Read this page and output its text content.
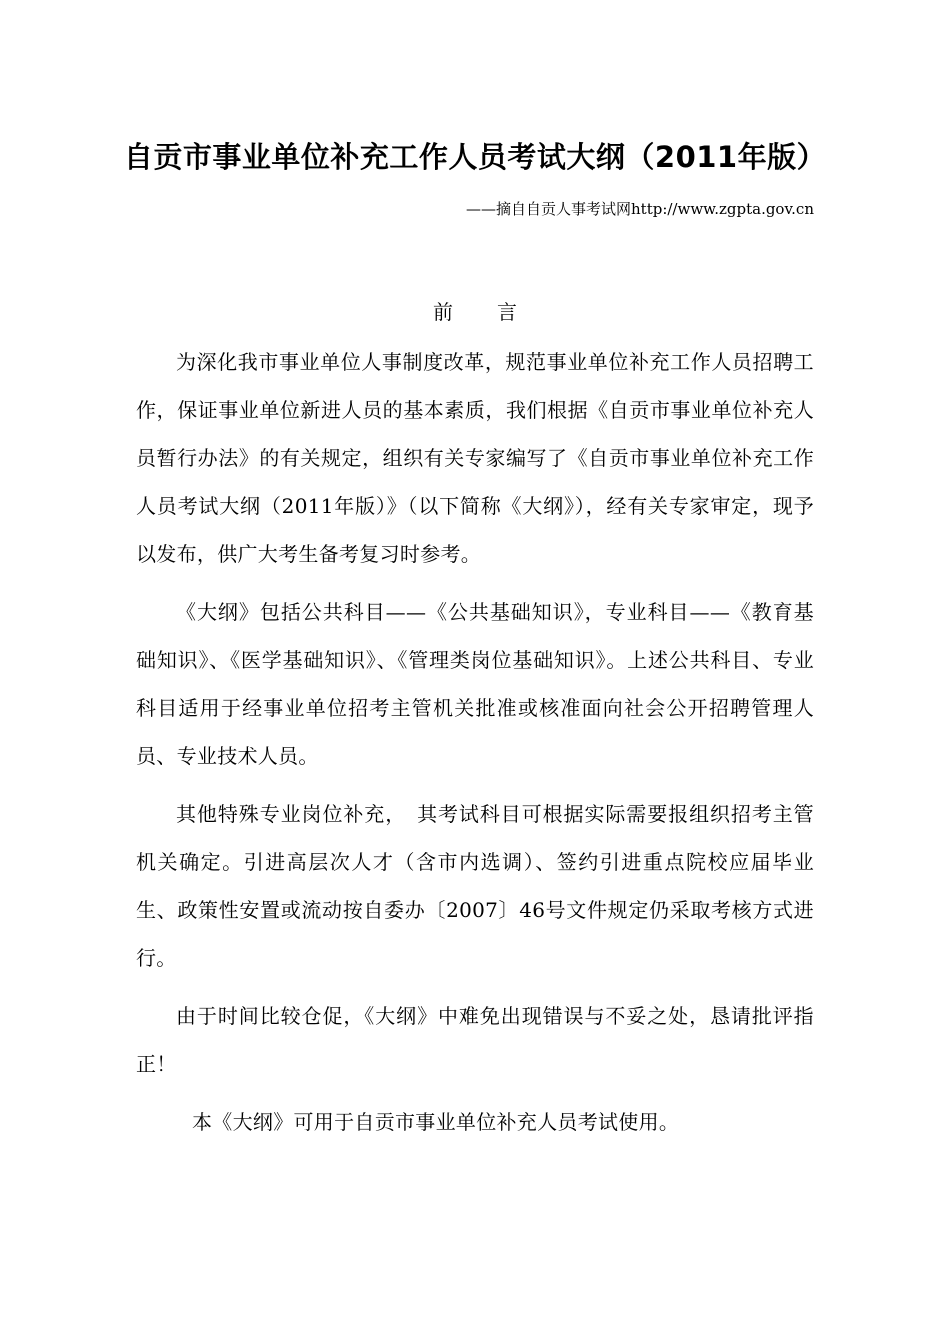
自贡市事业单位补充工作人员考试大纲（2011年版）
——摘自自贡人事考试网http://www.zgpta.gov.cn
前言

为深化我市事业单位人事制度改革，规范事业单位补充工作人员招聘工作，保证事业单位新进人员的基本素质，我们根据《自贡市事业单位补充人员暂行办法》的有关规定，组织有关专家编写了《自贡市事业单位补充工作人员考试大纲（2011年版）》（以下简称《大纲》），经有关专家审定，现予以发布，供广大考生备考复习时参考。

《大纲》包括公共科目——《公共基础知识》，专业科目——《教育基础知识》、《医学基础知识》、《管理类岗位基础知识》。上述公共科目、专业科目适用于经事业单位招考主管机关批准或核准面向社会公开招聘管理人员、专业技术人员。

其他特殊专业岗位补充，　其考试科目可根据实际需要报组织招考主管机关确定。引进高层次人才（含市内选调）、签约引进重点院校应届毕业生、政策性安置或流动按自委办〔2007〕46号文件规定仍采取考核方式进行。

由于时间比较仓促，《大纲》中难免出现错误与不妥之处，恳请批评指正！

本《大纲》可用于自贡市事业单位补充人员考试使用。
